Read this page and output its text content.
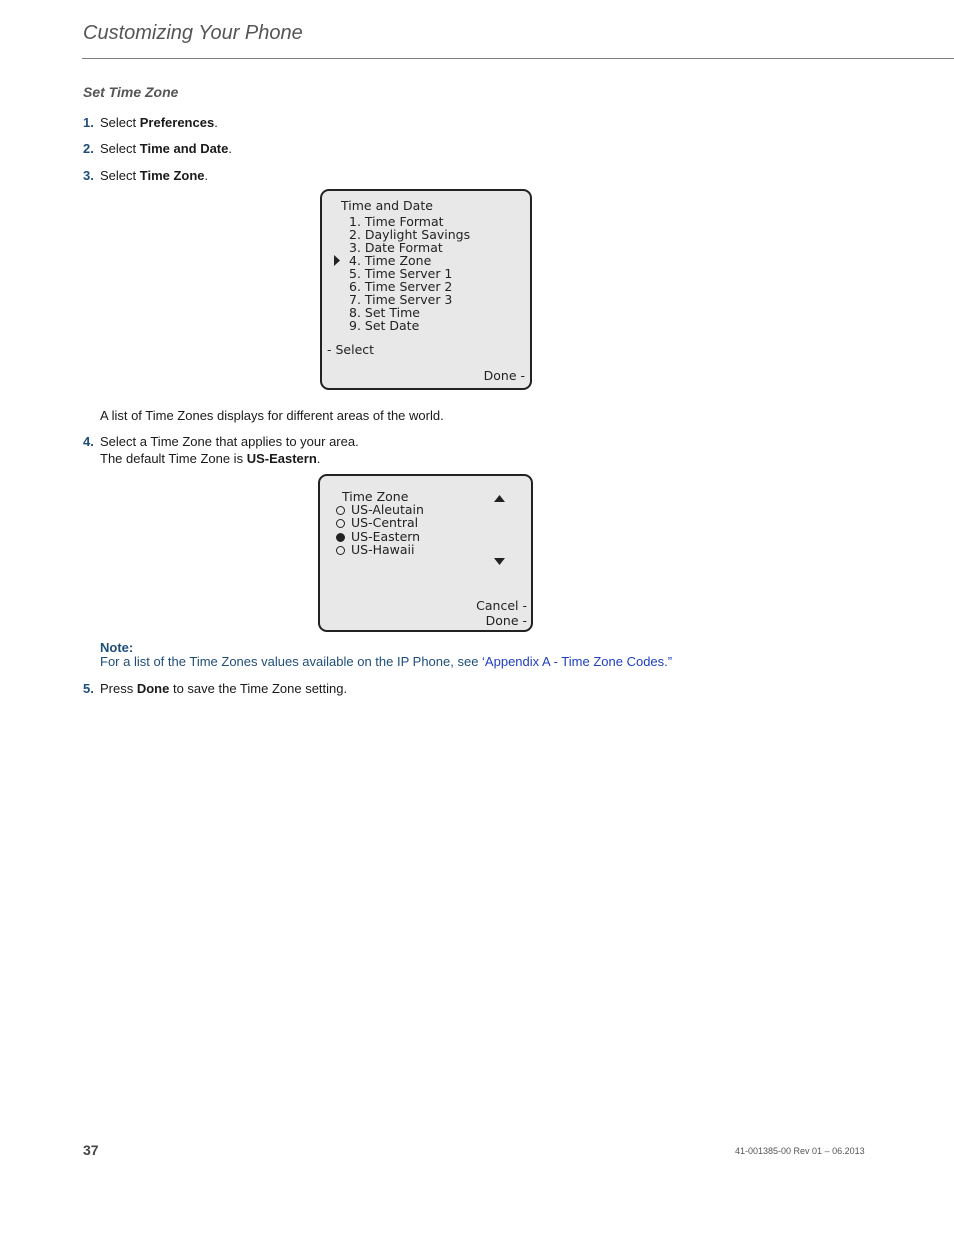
Customizing Your Phone
Set Time Zone
1. Select Preferences.
2. Select Time and Date.
3. Select Time Zone.
Time and Date
1. Time Format
2. Daylight Savings
3. Date Format
4. Time Zone
5. Time Server 1
6. Time Server 2
7. Time Server 3
8. Set Time
9. Set Date
- Select
Done -
A list of Time Zones displays for different areas of the world.
4. Select a Time Zone that applies to your area.
The default Time Zone is US-Eastern.
Time Zone
US-Aleutain
US-Central
US-Eastern
US-Hawaii
Cancel -
Done -
Note:
For a list of the Time Zones values available on the IP Phone, see ‘Appendix A - Time Zone Codes.”
5. Press Done to save the Time Zone setting.
37	41-001385-00 Rev 01 – 06.2013
